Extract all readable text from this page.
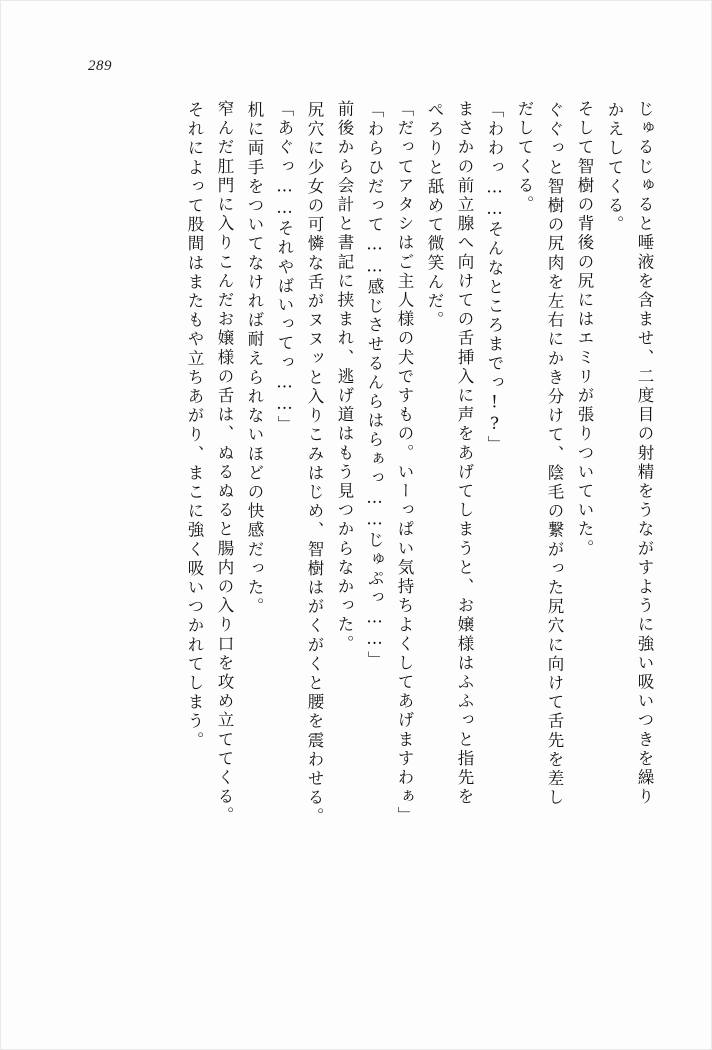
289
じゅるじゅると唾液を含ませ、二度目の射精をうながすように強い吸いつきを繰り
かえしてくる。
そして智樹の背後の尻にはエミリが張りついていた。
ぐぐっと智樹の尻肉を左右にかき分けて、陰毛の繋がった尻穴に向けて舌先を差し
だしてくる。
「わわっ……そんなところまでっ!?」
まさかの前立腺へ向けての舌挿入に声をあげてしまうと、お嬢様はふふっと指先を
ぺろりと舐めて微笑んだ。
「だってアタシはご主人様の犬ですもの。いーっぱい気持ちよくしてあげますわぁ」
「わらひだって……感じさせるんらはらぁっ……じゅぷっ……」
前後から会計と書記に挟まれ、逃げ道はもう見つからなかった。
尻穴に少女の可憐な舌がヌヌッと入りこみはじめ、智樹はがくがくと腰を震わせる。
「あぐっ……それやばいってっ……」
机に両手をついてなければ耐えられないほどの快感だった。
窄んだ肛門に入りこんだお嬢様の舌は、ぬるぬると腸内の入り口を攻め立ててくる。
それによって股間はまたもや立ちあがり、まこに強く吸いつかれてしまう。
